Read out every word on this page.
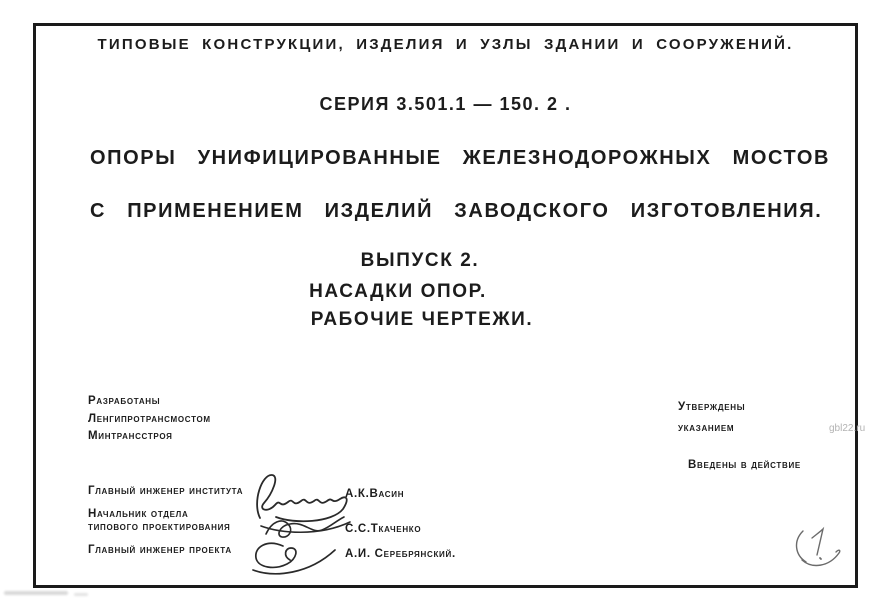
ТИПОВЫЕ КОНСТРУКЦИИ, ИЗДЕЛИЯ И УЗЛЫ ЗДАНИИ И СООРУЖЕНИЙ.
СЕРИЯ 3.501.1 — 150. 2 .
ОПОРЫ УНИФИЦИРОВАННЫЕ ЖЕЛЕЗНОДОРОЖНЫХ МОСТОВ
С ПРИМЕНЕНИЕМ ИЗДЕЛИЙ ЗАВОДСКОГО ИЗГОТОВЛЕНИЯ.
ВЫПУСК 2.
НАСАДКИ ОПОР.
РАБОЧИЕ ЧЕРТЕЖИ.
Разработаны
Ленгипротрансмостом
Минтрансстроя
Утверждены
указанием
Введены в действие
Главный инженер института
Начальник отдела
типового проектирования
Главный инженер проекта
А.К.Васин
С.С.Ткаченко
А.И. Серебрянский.
gbl22.ru
